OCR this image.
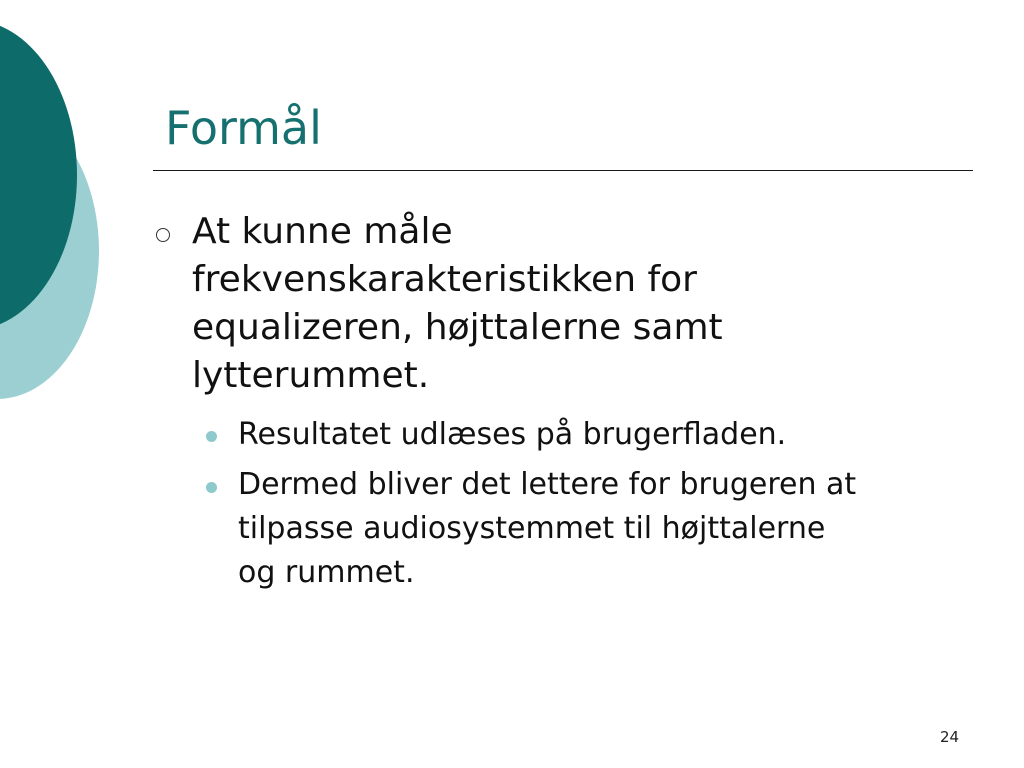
Formål

At kunne måle
frekvenskarakteristikken for
equalizeren, højttalerne samt
lytterummet.

Resultatet udlæses på brugerfladen.

Dermed bliver det lettere for brugeren at
tilpasse audiosystemmet til højttalerne
og rummet.

24
